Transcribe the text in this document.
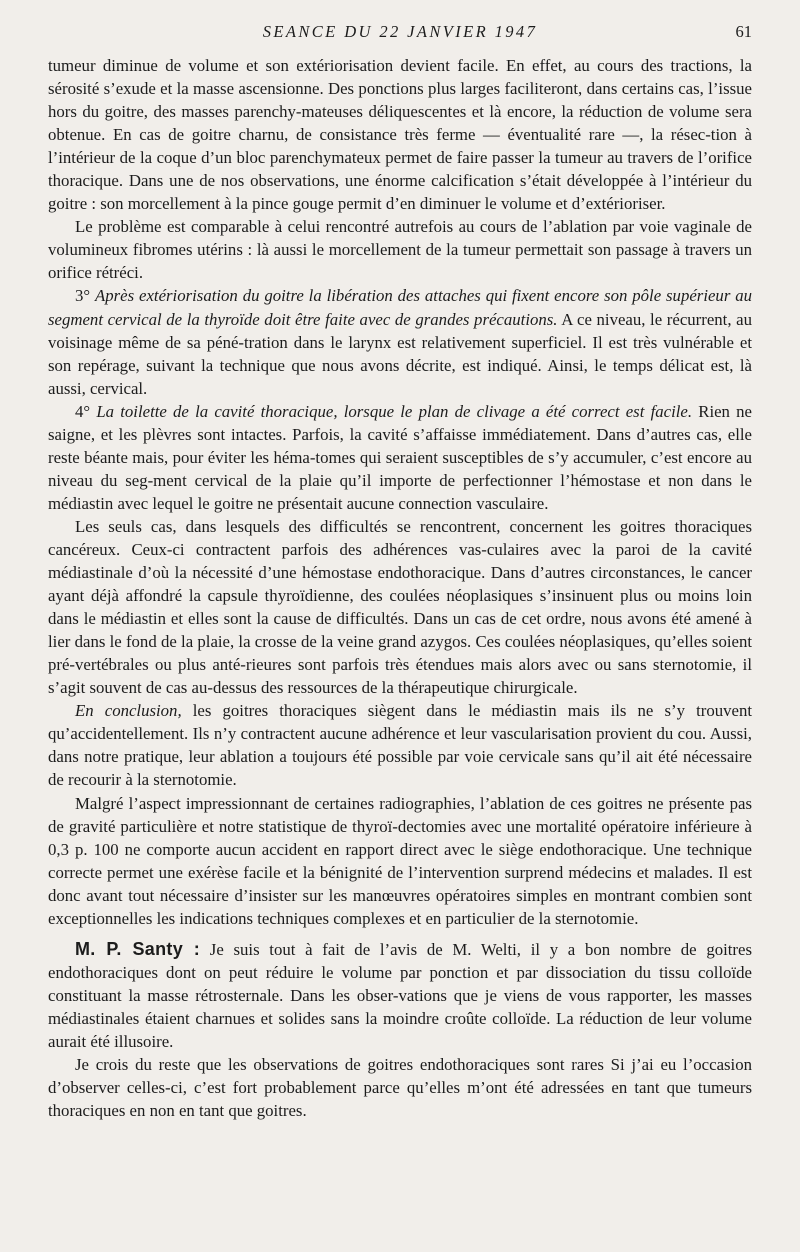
SEANCE DU 22 JANVIER 1947	61

tumeur diminue de volume et son extériorisation devient facile. En effet, au cours des tractions, la sérosité s’exude et la masse ascensionne. Des ponctions plus larges faciliteront, dans certains cas, l’issue hors du goitre, des masses parenchy-mateuses déliquescentes et là encore, la réduction de volume sera obtenue. En cas de goitre charnu, de consistance très ferme — éventualité rare —, la résec-tion à l’intérieur de la coque d’un bloc parenchymateux permet de faire passer la tumeur au travers de l’orifice thoracique. Dans une de nos observations, une énorme calcification s’était développée à l’intérieur du goitre : son morcellement à la pince gouge permit d’en diminuer le volume et d’extérioriser.

Le problème est comparable à celui rencontré autrefois au cours de l’ablation par voie vaginale de volumineux fibromes utérins : là aussi le morcellement de la tumeur permettait son passage à travers un orifice rétréci.

3° Après extériorisation du goitre la libération des attaches qui fixent encore son pôle supérieur au segment cervical de la thyroïde doit être faite avec de grandes précautions. A ce niveau, le récurrent, au voisinage même de sa péné-tration dans le larynx est relativement superficiel. Il est très vulnérable et son repérage, suivant la technique que nous avons décrite, est indiqué. Ainsi, le temps délicat est, là aussi, cervical.

4° La toilette de la cavité thoracique, lorsque le plan de clivage a été correct est facile. Rien ne saigne, et les plèvres sont intactes. Parfois, la cavité s’affaisse immédiatement. Dans d’autres cas, elle reste béante mais, pour éviter les héma-tomes qui seraient susceptibles de s’y accumuler, c’est encore au niveau du seg-ment cervical de la plaie qu’il importe de perfectionner l’hémostase et non dans le médiastin avec lequel le goitre ne présentait aucune connection vasculaire.

Les seuls cas, dans lesquels des difficultés se rencontrent, concernent les goitres thoraciques cancéreux. Ceux-ci contractent parfois des adhérences vas-culaires avec la paroi de la cavité médiastinale d’où la nécessité d’une hémostase endothoracique. Dans d’autres circonstances, le cancer ayant déjà affondré la capsule thyroïdienne, des coulées néoplasiques s’insinuent plus ou moins loin dans le médiastin et elles sont la cause de difficultés. Dans un cas de cet ordre, nous avons été amené à lier dans le fond de la plaie, la crosse de la veine grand azygos. Ces coulées néoplasiques, qu’elles soient pré-vertébrales ou plus anté-rieures sont parfois très étendues mais alors avec ou sans sternotomie, il s’agit souvent de cas au-dessus des ressources de la thérapeutique chirurgicale.

En conclusion, les goitres thoraciques siègent dans le médiastin mais ils ne s’y trouvent qu’accidentellement. Ils n’y contractent aucune adhérence et leur vascularisation provient du cou. Aussi, dans notre pratique, leur ablation a toujours été possible par voie cervicale sans qu’il ait été nécessaire de recourir à la sternotomie.

Malgré l’aspect impressionnant de certaines radiographies, l’ablation de ces goitres ne présente pas de gravité particulière et notre statistique de thyroï-dectomies avec une mortalité opératoire inférieure à 0,3 p. 100 ne comporte aucun accident en rapport direct avec le siège endothoracique. Une technique correcte permet une exérèse facile et la bénignité de l’intervention surprend médecins et malades. Il est donc avant tout nécessaire d’insister sur les manœuvres opératoires simples en montrant combien sont exceptionnelles les indications techniques complexes et en particulier de la sternotomie.

M. P. Santy : Je suis tout à fait de l’avis de M. Welti, il y a bon nombre de goitres endothoraciques dont on peut réduire le volume par ponction et par dissociation du tissu colloïde constituant la masse rétrosternale. Dans les obser-vations que je viens de vous rapporter, les masses médiastinales étaient charnues et solides sans la moindre croûte colloïde. La réduction de leur volume aurait été illusoire.

Je crois du reste que les observations de goitres endothoraciques sont rares Si j’ai eu l’occasion d’observer celles-ci, c’est fort probablement parce qu’elles m’ont été adressées en tant que tumeurs thoraciques en non en tant que goitres.
